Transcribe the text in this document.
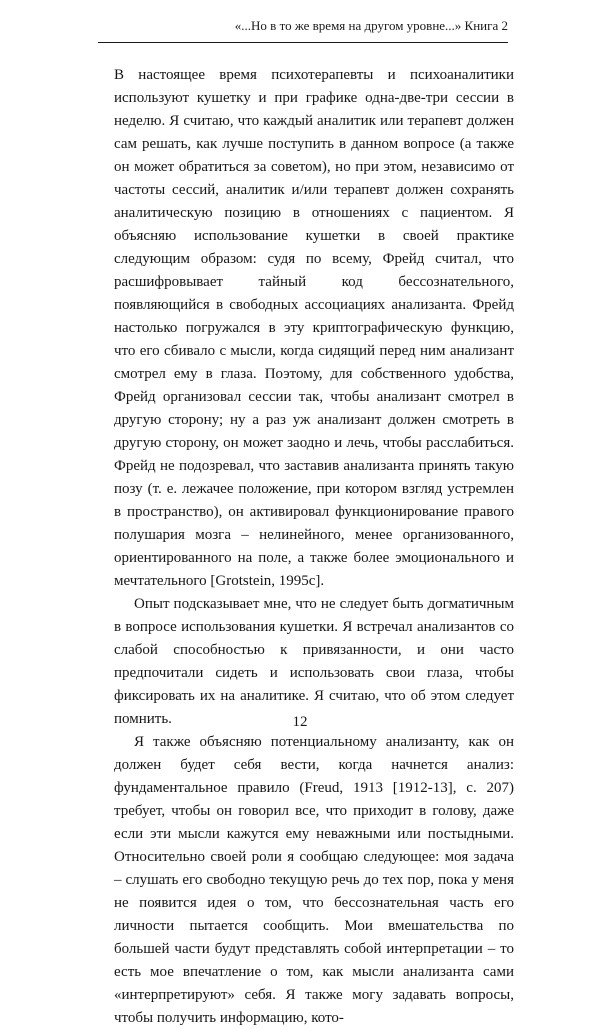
«...Но в то же время на другом уровне...» Книга 2

В настоящее время психотерапевты и психоаналитики используют кушетку и при графике одна-две-три сессии в неделю. Я считаю, что каждый аналитик или терапевт должен сам решать, как лучше поступить в данном вопросе (а также он может обратиться за советом), но при этом, независимо от частоты сессий, аналитик и/или терапевт должен сохранять аналитическую позицию в отношениях с пациентом. Я объясняю использование кушетки в своей практике следующим образом: судя по всему, Фрейд считал, что расшифровывает тайный код бессознательного, появляющийся в свободных ассоциациях анализанта. Фрейд настолько погружался в эту криптографическую функцию, что его сбивало с мысли, когда сидящий перед ним анализант смотрел ему в глаза. Поэтому, для собственного удобства, Фрейд организовал сессии так, чтобы анализант смотрел в другую сторону; ну а раз уж анализант должен смотреть в другую сторону, он может заодно и лечь, чтобы расслабиться. Фрейд не подозревал, что заставив анализанта принять такую позу (т. е. лежачее положение, при котором взгляд устремлен в пространство), он активировал функционирование правого полушария мозга – нелинейного, менее организованного, ориентированного на поле, а также более эмоционального и мечтательного [Grotstein, 1995c].

Опыт подсказывает мне, что не следует быть догматичным в вопросе использования кушетки. Я встречал анализантов со слабой способностью к привязанности, и они часто предпочитали сидеть и использовать свои глаза, чтобы фиксировать их на аналитике. Я считаю, что об этом следует помнить.

Я также объясняю потенциальному анализанту, как он должен будет себя вести, когда начнется анализ: фундаментальное правило (Freud, 1913 [1912-13], с. 207) требует, чтобы он говорил все, что приходит в голову, даже если эти мысли кажутся ему неважными или постыдными. Относительно своей роли я сообщаю следующее: моя задача – слушать его свободно текущую речь до тех пор, пока у меня не появится идея о том, что бессознательная часть его личности пытается сообщить. Мои вмешательства по большей части будут представлять собой интерпретации – то есть мое впечатление о том, как мысли анализанта сами «интерпретируют» себя. Я также могу задавать вопросы, чтобы получить информацию, кото-

12
